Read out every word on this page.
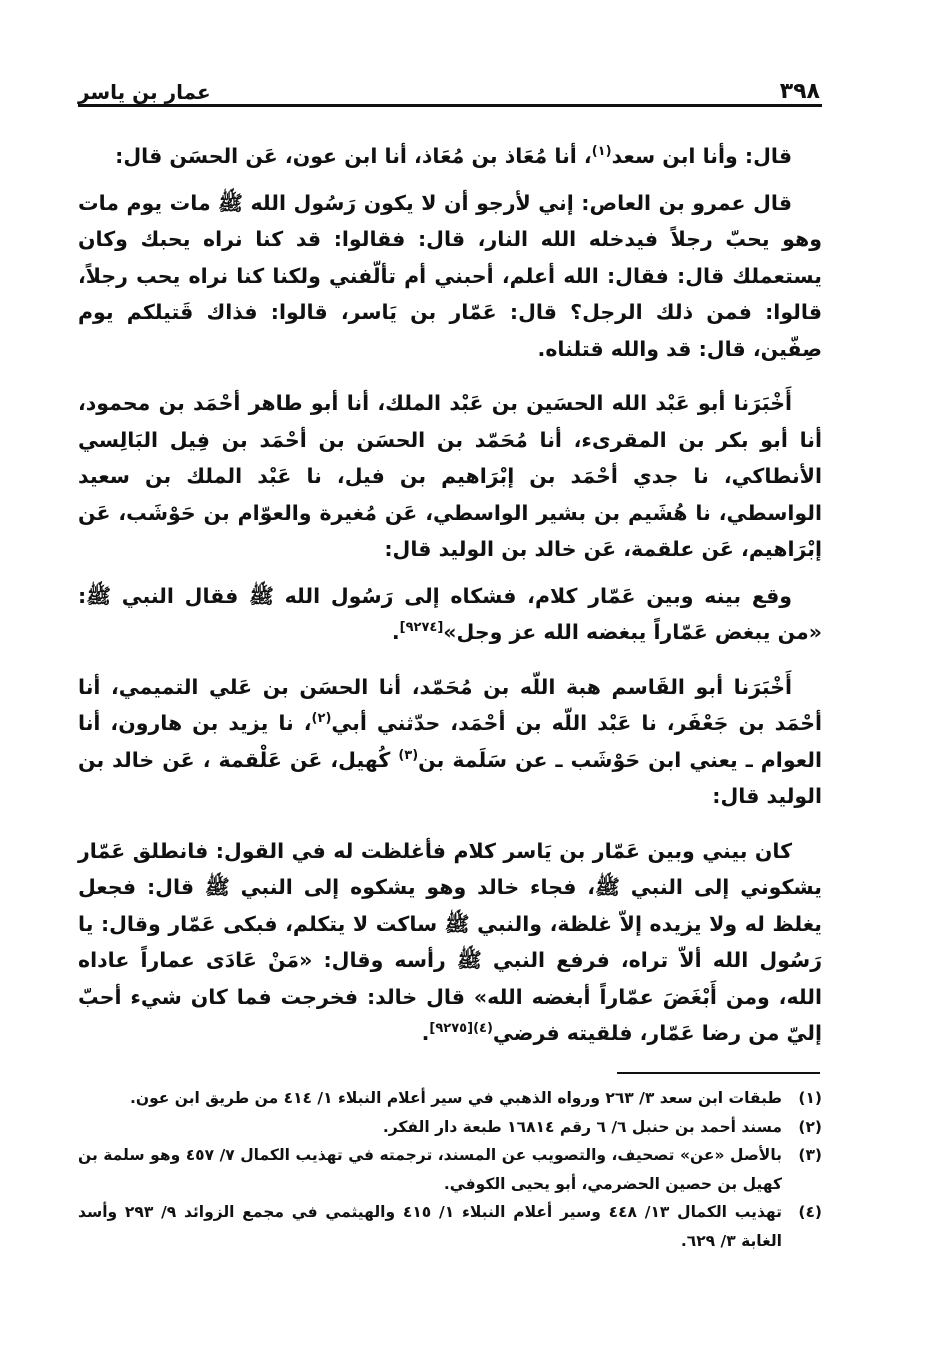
٣٩٨
عمار بن ياسر

قال: وأنا ابن سعد$^{(١)}$، أنا مُعَاذ بن مُعَاذ، أنا ابن عون، عَن الحسَن قال:

قال عمرو بن العاص: إني لأرجو أن لا يكون رَسُول الله ﷺ مات يوم مات وهو يحبّ رجلاً فيدخله الله النار، قال: فقالوا: قد كنا نراه يحبك وكان يستعملك قال: فقال: الله أعلم، أحبني أم تألّفني ولكنا كنا نراه يحب رجلاً، قالوا: فمن ذلك الرجل؟ قال: عَمّار بن يَاسر، قالوا: فذاك قَتيلكم يوم صِفّين، قال: قد والله قتلناه.

أَخْبَرَنا أبو عَبْد الله الحسَين بن عَبْد الملك، أنا أبو طاهر أحْمَد بن محمود، أنا أبو بكر بن المقرىء، أنا مُحَمّد بن الحسَن بن أحْمَد بن فِيل البَالِسي الأنطاكي، نا جدي أحْمَد بن إبْرَاهيم بن فيل، نا عَبْد الملك بن سعيد الواسطي، نا هُشَيم بن بشير الواسطي، عَن مُغيرة والعوّام بن حَوْشَب، عَن إبْرَاهيم، عَن علقمة، عَن خالد بن الوليد قال:

وقع بينه وبين عَمّار كلام، فشكاه إلى رَسُول الله ﷺ فقال النبي ﷺ: «من يبغض عَمّاراً يبغضه الله عز وجل»[٩٢٧٤].

أَخْبَرَنا أبو القَاسم هبة اللّه بن مُحَمّد، أنا الحسَن بن عَلي التميمي، أنا أحْمَد بن جَعْفَر، نا عَبْد اللّه بن أحْمَد، حدّثني أبي$^{(٢)}$، نا يزيد بن هارون، أنا العوام ـ يعني ابن حَوْشَب ـ عن سَلَمة بن$^{(٣)}$ كُهيل، عَن عَلْقمة ، عَن خالد بن الوليد قال:

كان بيني وبين عَمّار بن يَاسر كلام فأغلظت له في القول: فانطلق عَمّار يشكوني إلى النبي ﷺ، فجاء خالد وهو يشكوه إلى النبي ﷺ قال: فجعل يغلظ له ولا يزيده إلاّ غلظة، والنبي ﷺ ساكت لا يتكلم، فبكى عَمّار وقال: يا رَسُول الله ألاّ تراه، فرفع النبي ﷺ رأسه وقال: «مَنْ عَادَى عماراً عاداه الله، ومن أَبْغَضَ عمّاراً أبغضه الله» قال خالد: فخرجت فما كان شيء أحبّ إليّ من رضا عَمّار، فلقيته فرضي$^{(٤)[٩٢٧٥]}$.

(١)
طبقات ابن سعد ٣/ ٢٦٣ ورواه الذهبي في سير أعلام النبلاء ١/ ٤١٤ من طريق ابن عون.

(٢)
مسند أحمد بن حنبل ٦/ ٦ رقم ١٦٨١٤ طبعة دار الفكر.

(٣)
بالأصل «عن» تصحيف، والتصويب عن المسند، ترجمته في تهذيب الكمال ٧/ ٤٥٧ وهو سلمة بن كهيل بن حصين الحضرمي، أبو يحيى الكوفي.

(٤)
تهذيب الكمال ١٣/ ٤٤٨ وسير أعلام النبلاء ١/ ٤١٥ والهيثمي في مجمع الزوائد ٩/ ٢٩٣ وأسد الغابة ٣/ ٦٢٩.
